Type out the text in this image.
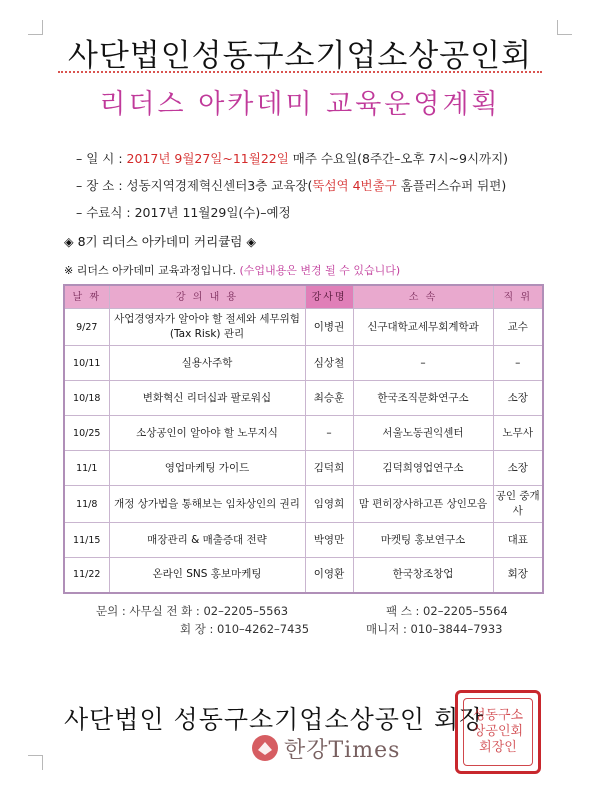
사단법인성동구소기업소상공인회
리더스 아카데미 교육운영계획
– 일 시 : 2017년 9월27일~11월22일 매주 수요일(8주간–오후 7시~9시까지)
– 장 소 : 성동지역경제혁신센터3층 교육장(뚝섬역 4번출구 홈플러스슈퍼 뒤편)
– 수료식 : 2017년 11월29일(수)–예정
◈ 8기 리더스 아카데미 커리큘럼 ◈
※ 리더스 아카데미 교육과정입니다. (수업내용은 변경 될 수 있습니다)
날 짜	강 의 내 용	강사명	소 속	직 위
9/27	사업경영자가 알아야 할 절세와 세무위험(Tax Risk) 관리	이병권	신구대학교세무회계학과	교수
10/11	실용사주학	심상철	–	–
10/18	변화혁신 리더십과 팔로워십	최승훈	한국조직문화연구소	소장
10/25	소상공인이 알아야 할 노무지식	–	서울노동권익센터	노무사
11/1	영업마케팅 가이드	김덕희	김덕희영업연구소	소장
11/8	개정 상가법을 통해보는 임차상인의 권리	임영희	맘 편히장사하고픈 상인모음	공인 중개사
11/15	매장관리 & 매출증대 전략	박영만	마켓팅 홍보연구소	대표
11/22	온라인 SNS 홍보마케팅	이영환	한국창조창업	회장
문의 : 사무실 전 화 : 02–2205–5563	팩 스 : 02–2205–5564
회 장 : 010–4262–7435	매니저 : 010–3844–7933
사단법인 성동구소기업소상공인 회장
성동구소
상공인회
회장인
한강Times
